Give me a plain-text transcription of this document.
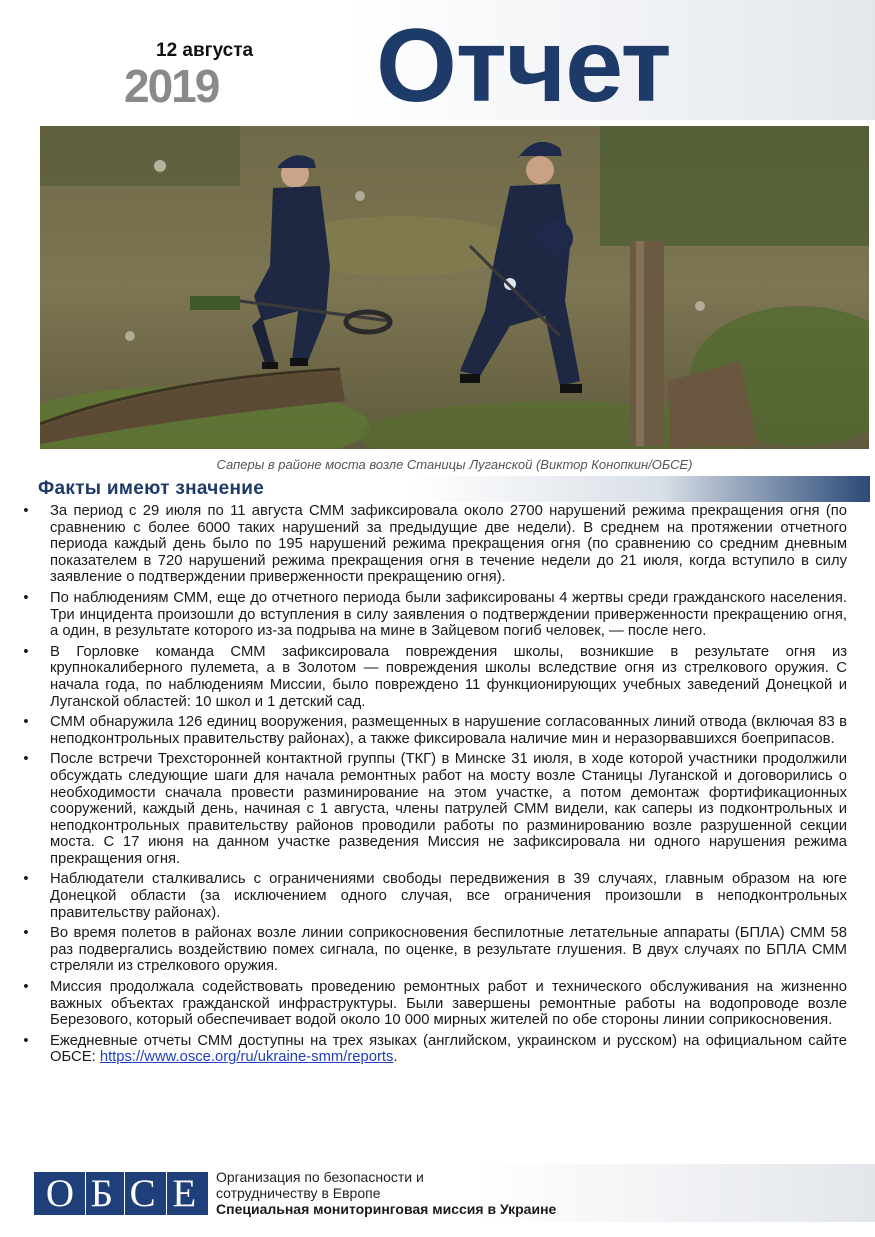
12 августа
2019 Отчет
Саперы в районе моста возле Станицы Луганской (Виктор Конопкин/ОБСЕ)
Факты имеют значение
• За период с 29 июля по 11 августа СММ зафиксировала около 2700 нарушений режима прекращения огня (по сравнению с более 6000 таких нарушений за предыдущие две недели). В среднем на протяжении отчетного периода каждый день было по 195 нарушений режима прекращения огня (по сравнению со средним дневным показателем в 720 нарушений режима прекращения огня в течение недели до 21 июля, когда вступило в силу заявление о подтверждении приверженности прекращению огня).
• По наблюдениям СММ, еще до отчетного периода были зафиксированы 4 жертвы среди гражданского населения. Три инцидента произошли до вступления в силу заявления о подтверждении приверженности прекращению огня, а один, в результате которого из-за подрыва на мине в Зайцевом погиб человек, — после него.
• В Горловке команда СММ зафиксировала повреждения школы, возникшие в результате огня из крупнокалиберного пулемета, а в Золотом — повреждения школы вследствие огня из стрелкового оружия. С начала года, по наблюдениям Миссии, было повреждено 11 функционирующих учебных заведений Донецкой и Луганской областей: 10 школ и 1 детский сад.
• СММ обнаружила 126 единиц вооружения, размещенных в нарушение согласованных линий отвода (включая 83 в неподконтрольных правительству районах), а также фиксировала наличие мин и неразорвавшихся боеприпасов.
• После встречи Трехсторонней контактной группы (ТКГ) в Минске 31 июля, в ходе которой участники продолжили обсуждать следующие шаги для начала ремонтных работ на мосту возле Станицы Луганской и договорились о необходимости сначала провести разминирование на этом участке, а потом демонтаж фортификационных сооружений, каждый день, начиная с 1 августа, члены патрулей СММ видели, как саперы из подконтрольных и неподконтрольных правительству районов проводили работы по разминированию возле разрушенной секции моста. С 17 июня на данном участке разведения Миссия не зафиксировала ни одного нарушения режима прекращения огня.
• Наблюдатели сталкивались с ограничениями свободы передвижения в 39 случаях, главным образом на юге Донецкой области (за исключением одного случая, все ограничения произошли в неподконтрольных правительству районах).
• Во время полетов в районах возле линии соприкосновения беспилотные летательные аппараты (БПЛА) СММ 58 раз подвергались воздействию помех сигнала, по оценке, в результате глушения. В двух случаях по БПЛА СММ стреляли из стрелкового оружия.
• Миссия продолжала содействовать проведению ремонтных работ и технического обслуживания на жизненно важных объектах гражданской инфраструктуры. Были завершены ремонтные работы на водопроводе возле Березового, который обеспечивает водой около 10 000 мирных жителей по обе стороны линии соприкосновения.
• Ежедневные отчеты СММ доступны на трех языках (английском, украинском и русском) на официальном сайте ОБСЕ: https://www.osce.org/ru/ukraine-smm/reports.
О Б С Е	Организация по безопасности и
сотрудничеству в Европе
Специальная мониторинговая миссия в Украине
